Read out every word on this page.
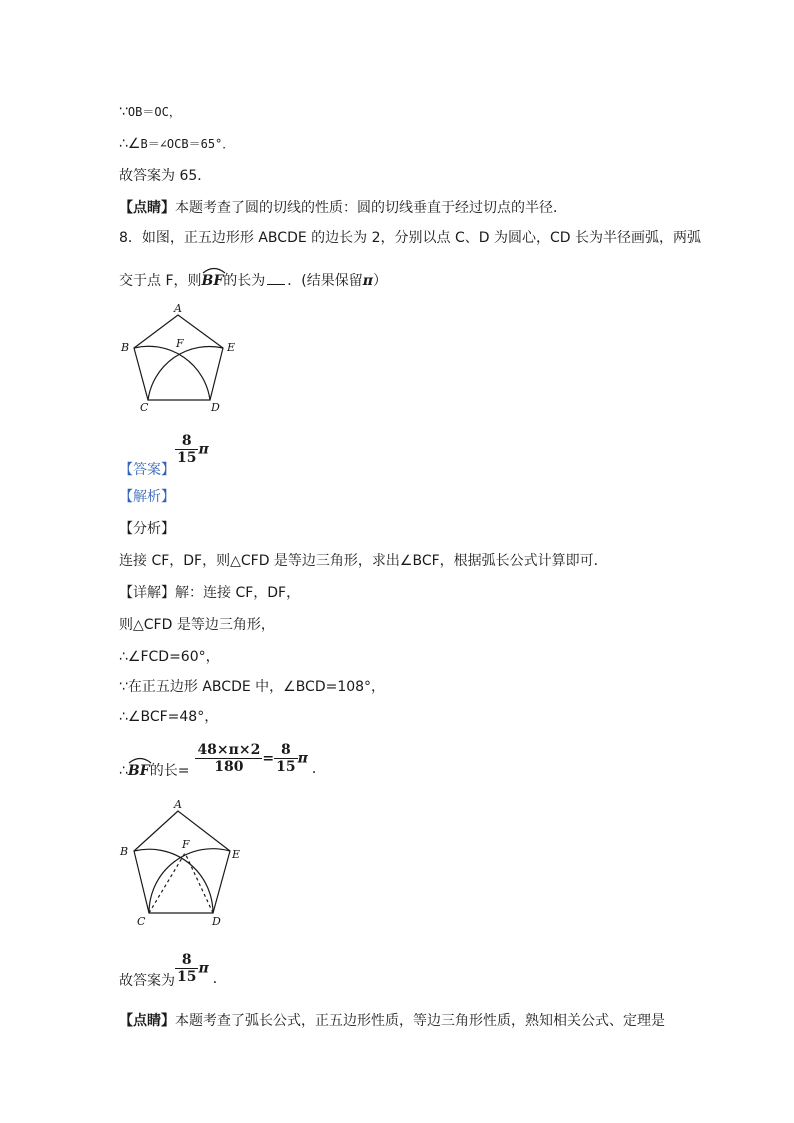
∵OB＝OC，
∴∠B＝∠OCB＝65°．
故答案为 65．
【点睛】本题考查了圆的切线的性质：圆的切线垂直于经过切点的半径．
8．如图，正五边形形 ABCDE 的边长为 2，分别以点 C、D 为圆心，CD 长为半径画弧，两弧
交于点 F，则
BF的长为 ．(结果保留π）
A
B	F	E
C	D
【答案】
$\frac{8}{15}$ π
【解析】
【分析】
连接 CF，DF，则△CFD 是等边三角形，求出∠BCF，根据弧长公式计算即可．
【详解】解：连接 CF，DF，
则△CFD 是等边三角形，
∴∠FCD=60°，
∵在正五边形 ABCDE 中，∠BCD=108°，
∴∠BCF=48°，
∴
BF的长= $\frac{48\times\pi\times 2}{180} = \frac{8}{15}$ π．
A
B
F
E
C	D
故答案为 $\frac{8}{15}$ π．
【点睛】本题考查了弧长公式，正五边形性质，等边三角形性质，熟知相关公式、定理是
